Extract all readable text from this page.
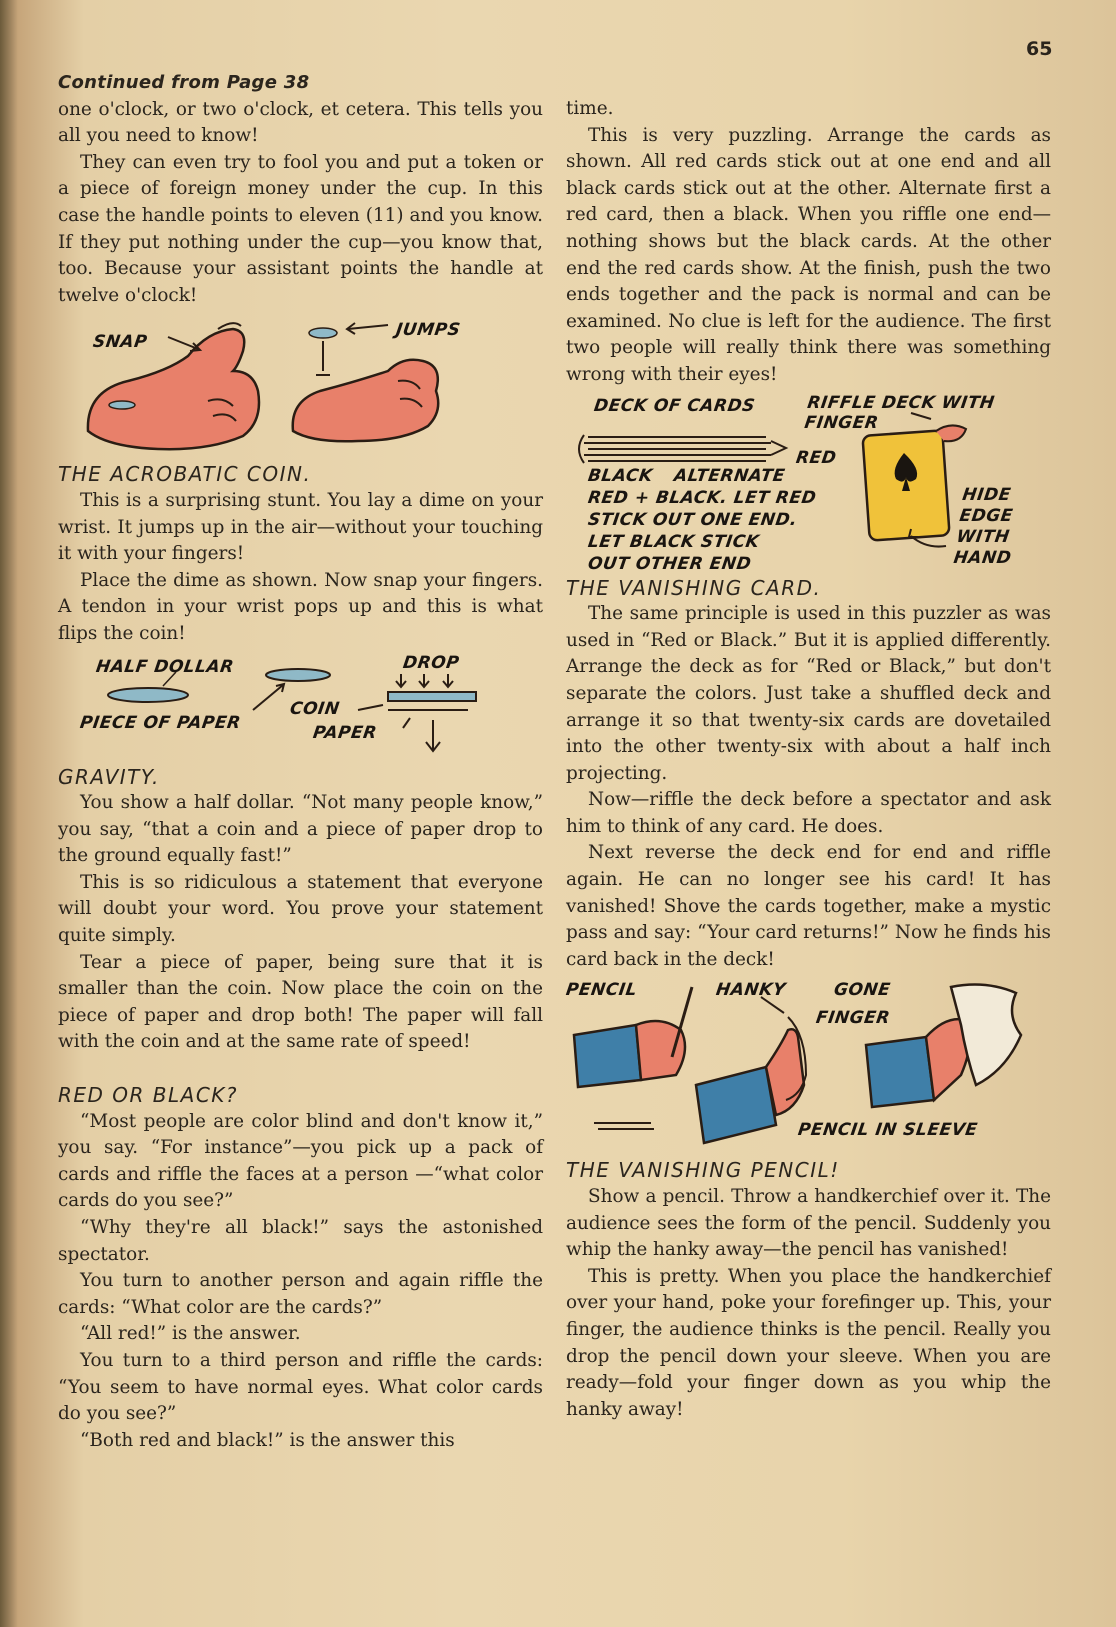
65
Continued from Page 38

one o'clock, or two o'clock, et cetera. This tells you all you need to know!

They can even try to fool you and put a token or a piece of foreign money under the cup. In this case the handle points to eleven (11) and you know. If they put nothing under the cup—you know that, too. Because your assistant points the handle at twelve o'clock!

SNAP
JUMPS
THE ACROBATIC COIN.

This is a surprising stunt. You lay a dime on your wrist. It jumps up in the air—without your touching it with your fingers!

Place the dime as shown. Now snap your fingers. A tendon in your wrist pops up and this is what flips the coin!

HALF DOLLAR
PIECE OF PAPER
COIN
PAPER
DROP
GRAVITY.

You show a half dollar. “Not many people know,” you say, “that a coin and a piece of paper drop to the ground equally fast!”

This is so ridiculous a statement that everyone will doubt your word. You prove your statement quite simply.

Tear a piece of paper, being sure that it is smaller than the coin. Now place the coin on the piece of paper and drop both! The paper will fall with the coin and at the same rate of speed!

RED OR BLACK?

“Most people are color blind and don't know it,” you say. “For instance”—you pick up a pack of cards and riffle the faces at a person —“what color cards do you see?”

“Why they're all black!” says the astonished spectator.

You turn to another person and again riffle the cards: “What color are the cards?”

“All red!” is the answer.

You turn to a third person and riffle the cards: “You seem to have normal eyes. What color cards do you see?”

“Both red and black!” is the answer this

time.

This is very puzzling. Arrange the cards as shown. All red cards stick out at one end and all black cards stick out at the other. Alternate first a red card, then a black. When you riffle one end—nothing shows but the black cards. At the other end the red cards show. At the finish, push the two ends together and the pack is normal and can be examined. No clue is left for the audience. The first two people will really think there was something wrong with their eyes!

DECK OF CARDS	RIFFLE DECK WITH FINGER
RED
BLACK ALTERNATE
RED + BLACK. LET RED
STICK OUT ONE END.
LET BLACK STICK
OUT OTHER END
HIDE EDGE WITH HAND
THE VANISHING CARD.

The same principle is used in this puzzler as was used in “Red or Black.” But it is applied differently. Arrange the deck as for “Red or Black,” but don't separate the colors. Just take a shuffled deck and arrange it so that twenty-six cards are dovetailed into the other twenty-six with about a half inch projecting.

Now—riffle the deck before a spectator and ask him to think of any card. He does.

Next reverse the deck end for end and riffle again. He can no longer see his card! It has vanished! Shove the cards together, make a mystic pass and say: “Your card returns!” Now he finds his card back in the deck!

PENCIL	HANKY	GONE
FINGER
PENCIL IN SLEEVE
THE VANISHING PENCIL!

Show a pencil. Throw a handkerchief over it. The audience sees the form of the pencil. Suddenly you whip the hanky away—the pencil has vanished!

This is pretty. When you place the handkerchief over your hand, poke your forefinger up. This, your finger, the audience thinks is the pencil. Really you drop the pencil down your sleeve. When you are ready—fold your finger down as you whip the hanky away!
